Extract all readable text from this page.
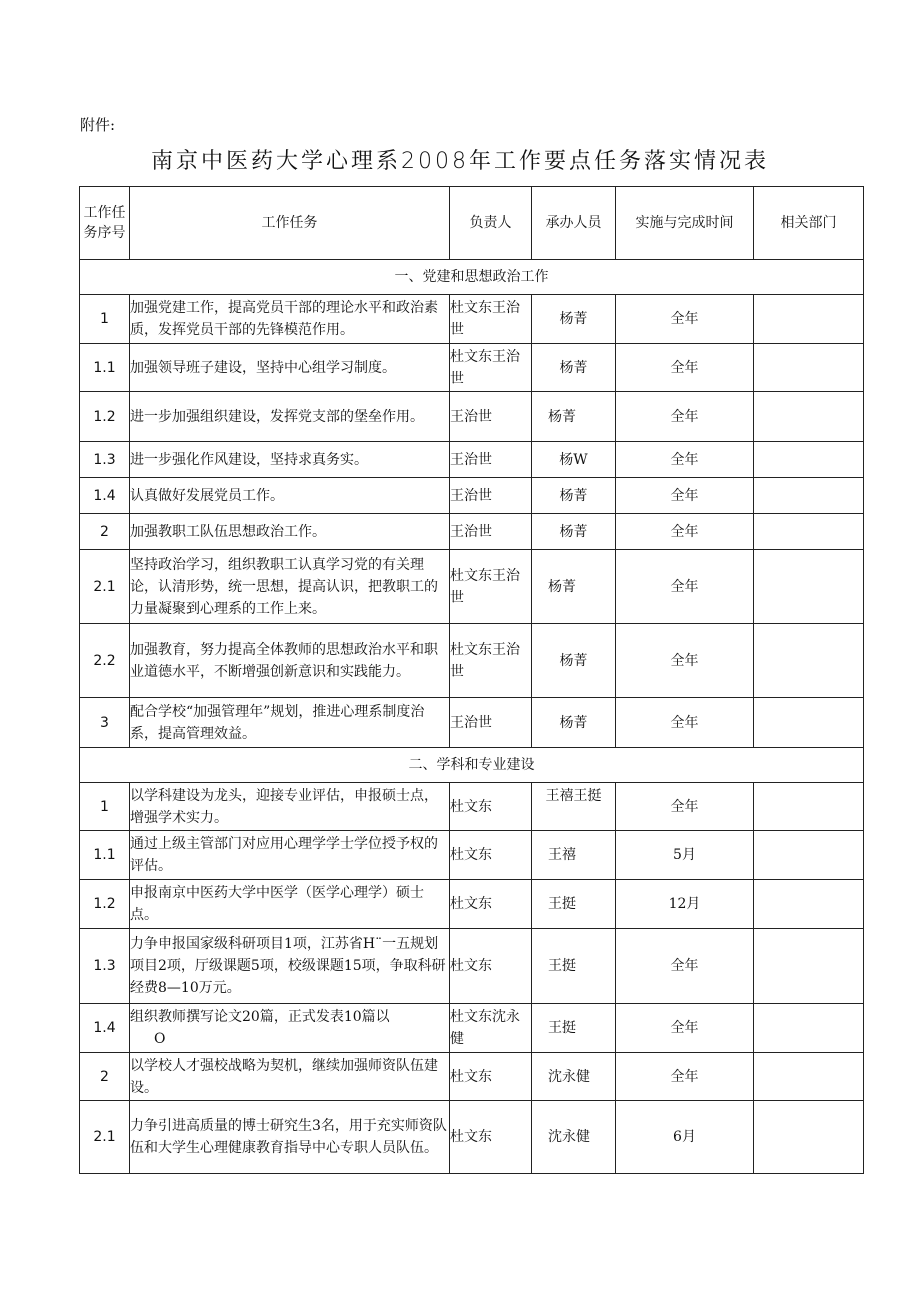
附件:
南京中医药大学心理系2008年工作要点任务落实情况表
工作任务序号	工作任务	负责人	承办人员	实施与完成时间	相关部门
一、党建和思想政治工作					
1	加强党建工作，提高党员干部的理论水平和政治素质，发挥党员干部的先锋模范作用。	杜文东王治世	杨菁	全年	
1.1	加强领导班子建设，坚持中心组学习制度。	杜文东王治世	杨菁	全年	
1.2	进一步加强组织建设，发挥党支部的堡垒作用。	王治世	杨菁	全年	
1.3	进一步强化作风建设，坚持求真务实。	王治世	杨W	全年	
1.4	认真做好发展党员工作。	王治世	杨菁	全年	
2	加强教职工队伍思想政治工作。	王治世	杨菁	全年	
2.1	坚持政治学习，组织教职工认真学习党的有关理论，认清形势，统一思想，提高认识，把教职工的力量凝聚到心理系的工作上来。	杜文东王治世	杨菁	全年	
2.2	加强教育，努力提高全体教师的思想政治水平和职业道德水平，不断增强创新意识和实践能力。	杜文东王治世	杨菁	全年	
3	配合学校“加强管理年”规划，推进心理系制度治系，提高管理效益。	王治世	杨菁	全年	
二、学科和专业建设					
1	以学科建设为龙头，迎接专业评估，申报硕士点，增强学术实力。	杜文东	王禧王挺	全年	
1.1	通过上级主管部门对应用心理学学士学位授予权的评估。	杜文东	王禧	5月	
1.2	申报南京中医药大学中医学（医学心理学）硕士点。	杜文东	王挺	12月	
1.3	力争申报国家级科研项目1项，江苏省H¨一五规划项目2项，厅级课题5项，校级课题15项，争取科研经费8—10万元。	杜文东	王挺	全年	
1.4	组织教师撰写论文20篇，正式发表10篇以
O	杜文东沈永健	王挺	全年	
2	以学校人才强校战略为契机，继续加强师资队伍建设。	杜文东	沈永健	全年	
2.1	力争引进高质量的博士研究生3名，用于充实师资队伍和大学生心理健康教育指导中心专职人员队伍。	杜文东	沈永健	6月	
